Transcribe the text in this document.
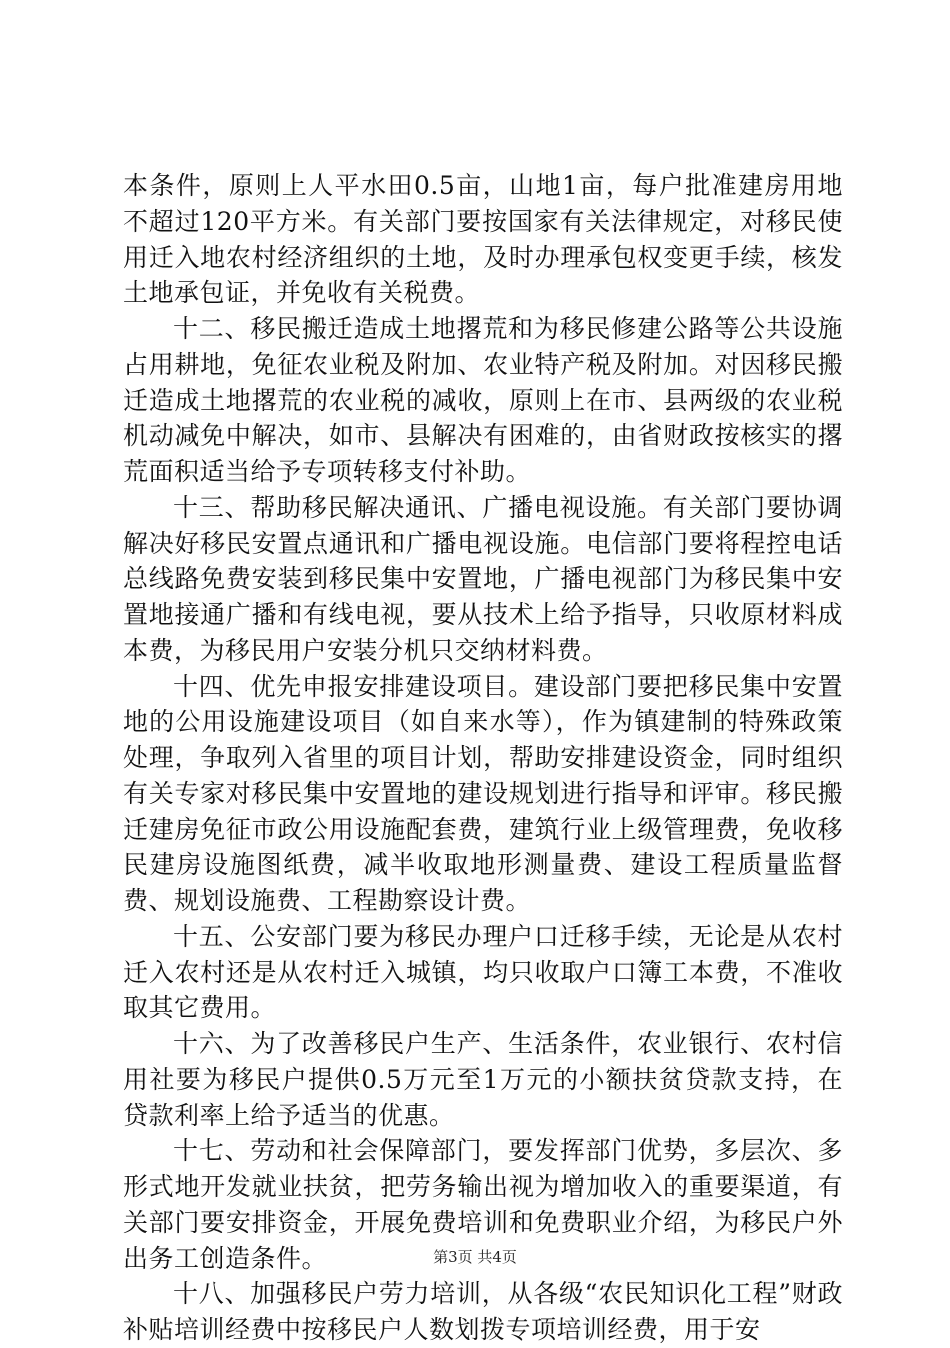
本条件，原则上人平水田0.5亩，山地1亩，每户批准建房用地不超过120平方米。有关部门要按国家有关法律规定，对移民使用迁入地农村经济组织的土地，及时办理承包权变更手续，核发土地承包证，并免收有关税费。

十二、移民搬迁造成土地撂荒和为移民修建公路等公共设施占用耕地，免征农业税及附加、农业特产税及附加。对因移民搬迁造成土地撂荒的农业税的减收，原则上在市、县两级的农业税机动减免中解决，如市、县解决有困难的，由省财政按核实的撂荒面积适当给予专项转移支付补助。

十三、帮助移民解决通讯、广播电视设施。有关部门要协调解决好移民安置点通讯和广播电视设施。电信部门要将程控电话总线路免费安装到移民集中安置地，广播电视部门为移民集中安置地接通广播和有线电视，要从技术上给予指导，只收原材料成本费，为移民用户安装分机只交纳材料费。

十四、优先申报安排建设项目。建设部门要把移民集中安置地的公用设施建设项目（如自来水等），作为镇建制的特殊政策处理，争取列入省里的项目计划，帮助安排建设资金，同时组织有关专家对移民集中安置地的建设规划进行指导和评审。移民搬迁建房免征市政公用设施配套费，建筑行业上级管理费，免收移民建房设施图纸费，减半收取地形测量费、建设工程质量监督费、规划设施费、工程勘察设计费。

十五、公安部门要为移民办理户口迁移手续，无论是从农村迁入农村还是从农村迁入城镇，均只收取户口簿工本费，不准收取其它费用。

十六、为了改善移民户生产、生活条件，农业银行、农村信用社要为移民户提供0.5万元至1万元的小额扶贫贷款支持，在贷款利率上给予适当的优惠。

十七、劳动和社会保障部门，要发挥部门优势，多层次、多形式地开发就业扶贫，把劳务输出视为增加收入的重要渠道，有关部门要安排资金，开展免费培训和免费职业介绍，为移民户外出务工创造条件。

十八、加强移民户劳力培训，从各级“农民知识化工程”财政补贴培训经费中按移民户人数划拨专项培训经费，用于安

第3页 共4页
